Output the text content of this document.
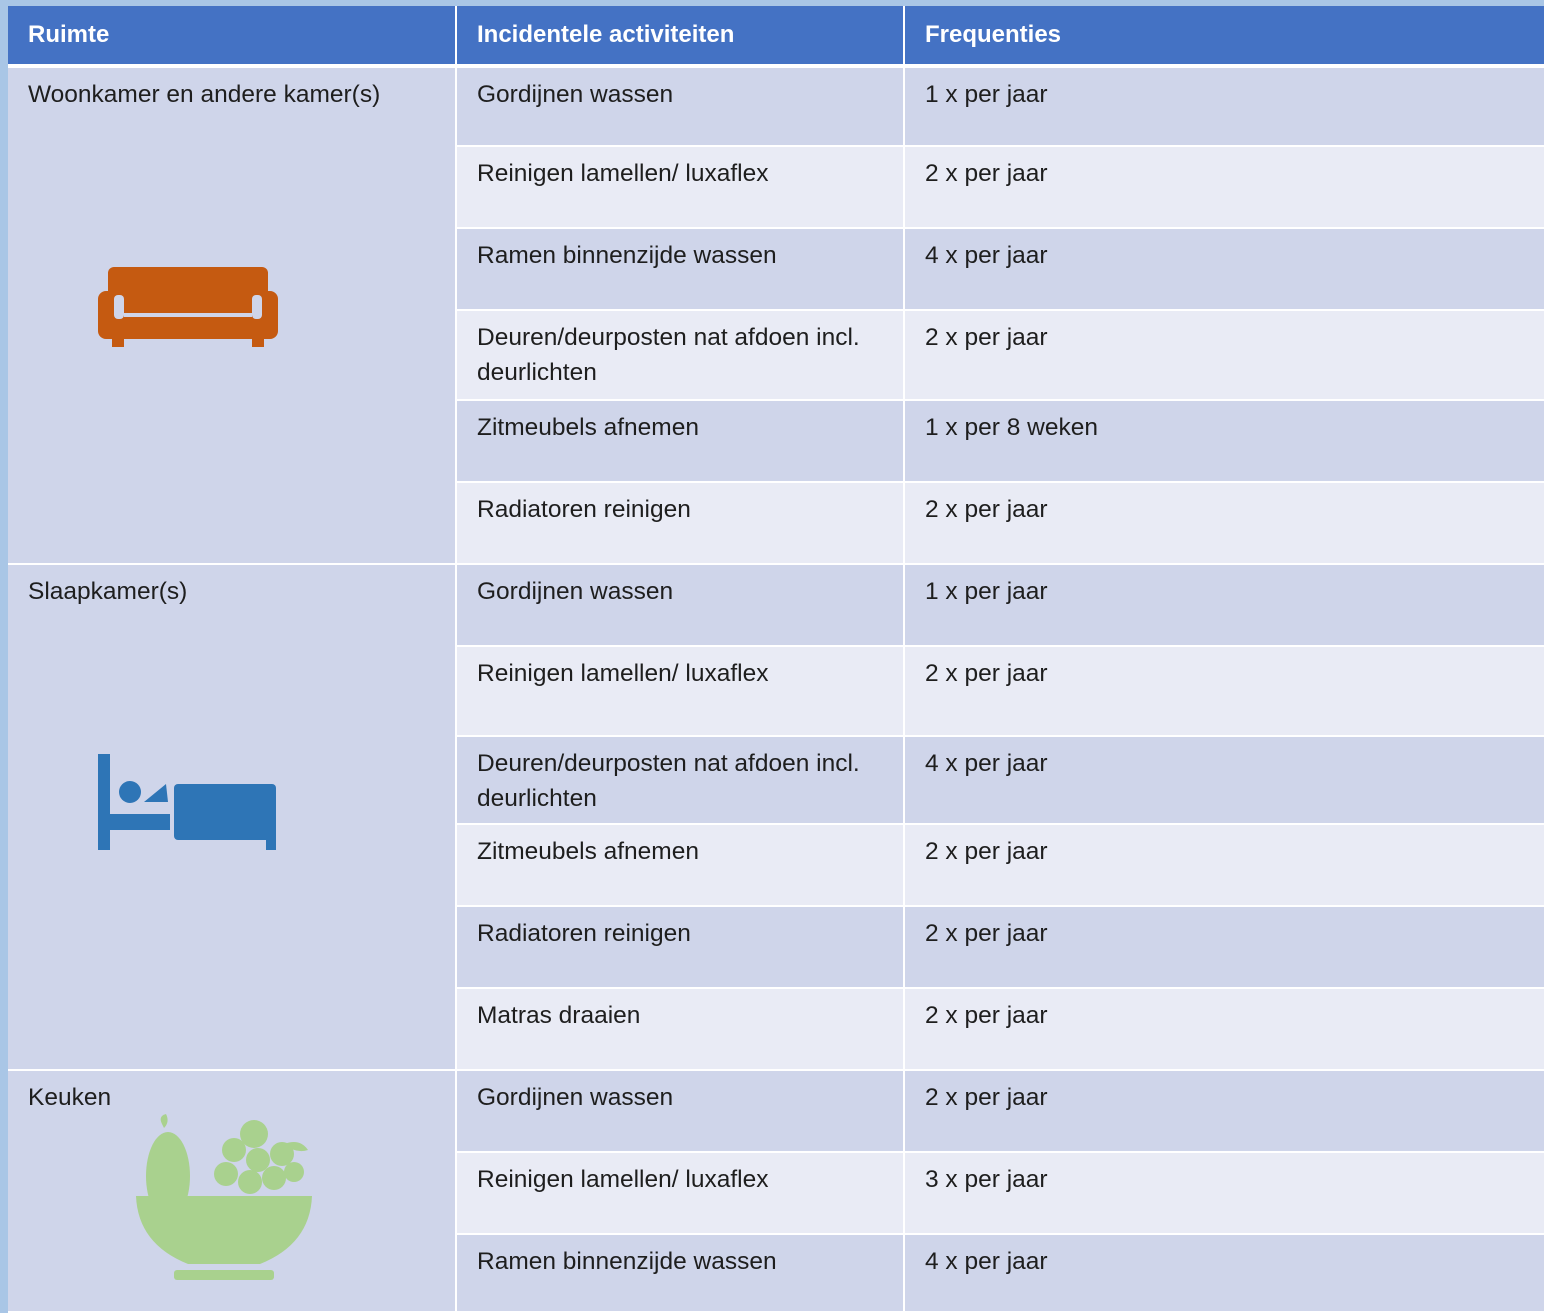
Ruimte	Incidentele activiteiten	Frequenties

Woonkamer en andere kamer(s)	Gordijnen wassen	1 x per jaar
	Reinigen lamellen/ luxaflex	2 x per jaar
	Ramen binnenzijde wassen	4 x per jaar
	Deuren/deurposten nat afdoen incl. deurlichten	2 x per jaar
	Zitmeubels afnemen	1 x per 8 weken
	Radiatoren reinigen	2 x per jaar

Slaapkamer(s)	Gordijnen wassen	1 x per jaar
	Reinigen lamellen/ luxaflex	2 x per jaar
	Deuren/deurposten nat afdoen incl. deurlichten	4 x per jaar
	Zitmeubels afnemen	2 x per jaar
	Radiatoren reinigen	2 x per jaar
	Matras draaien	2 x per jaar

Keuken	Gordijnen wassen	2 x per jaar
	Reinigen lamellen/ luxaflex	3 x per jaar
	Ramen binnenzijde wassen	4 x per jaar
